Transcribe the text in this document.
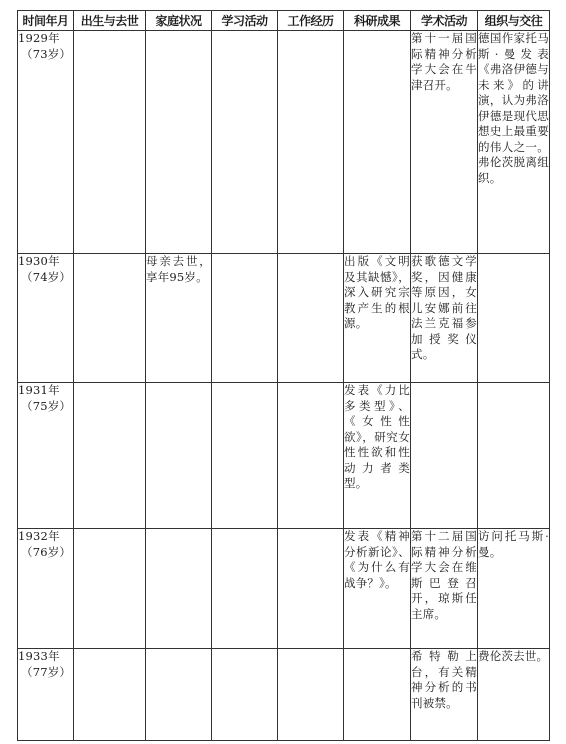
时间年月	出生与去世	家庭状况	学习活动	工作经历	科研成果	学术活动	组织与交往

1929年
（73岁）						第十一届国际精神分析学大会在牛津召开。	德国作家托马斯·曼发表《弗洛伊德与未来》的讲演，认为弗洛伊德是现代思想史上最重要的伟人之一。弗伦茨脱离组织。

1930年
（74岁）		母亲去世，享年95岁。			出版《文明及其缺憾》，深入研究宗教产生的根源。	获歌德文学奖，因健康等原因，女儿安娜前往法兰克福参加授奖仪式。	

1931年
（75岁）					发表《力比多类型》、《女性性欲》，研究女性性欲和性动力者类型。		

1932年
（76岁）					发表《精神分析新论》、《为什么有战争？》。	第十二届国际精神分析学大会在维斯巴登召开，琼斯任主席。	访问托马斯·曼。

1933年
（77岁）						希特勒上台，有关精神分析的书刊被禁。	费伦茨去世。
